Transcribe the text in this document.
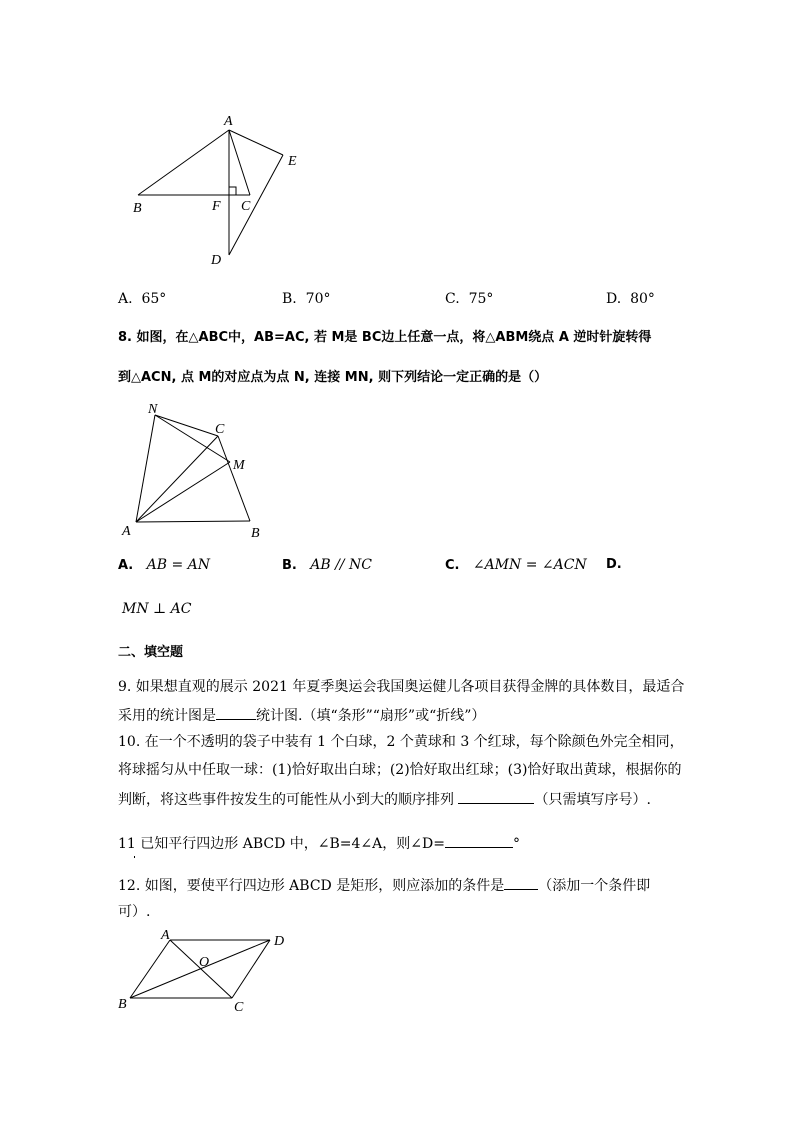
A
E
B	F C
D
N
C
M
A	B
A	D
O
B	C
A. 65°	B. 70°	C. 75°	D. 80°
8. 如图，在△ABC中，AB=AC, 若 M是 BC边上任意一点，将△ABM绕点 A 逆时针旋转得
到△ACN, 点 M的对应点为点 N, 连接 MN, 则下列结论一定正确的是（）
A. AB = AN	B. AB // NC	C. ∠AMN = ∠ACN D.
MN ⊥ AC
二、填空题
9. 如果想直观的展示 2021 年夏季奥运会我国奥运健儿各项目获得金牌的具体数目，最适合
采用的统计图是	统计图.（填“条形”“扇形”或“折线”）
10. 在一个不透明的袋子中装有 1 个白球，2 个黄球和 3 个红球，每个除颜色外完全相同，
将球摇匀从中任取一球：(1)恰好取出白球；(2)恰好取出红球；(3)恰好取出黄球，根据你的
判断，将这些事件按发生的可能性从小到大的顺序排列	（只需填写序号）.
11 已知平行四边形 ABCD 中，∠B=4∠A，则∠D=	°
12. 如图，要使平行四边形 ABCD 是矩形，则应添加的条件是 （添加一个条件即
可）.
